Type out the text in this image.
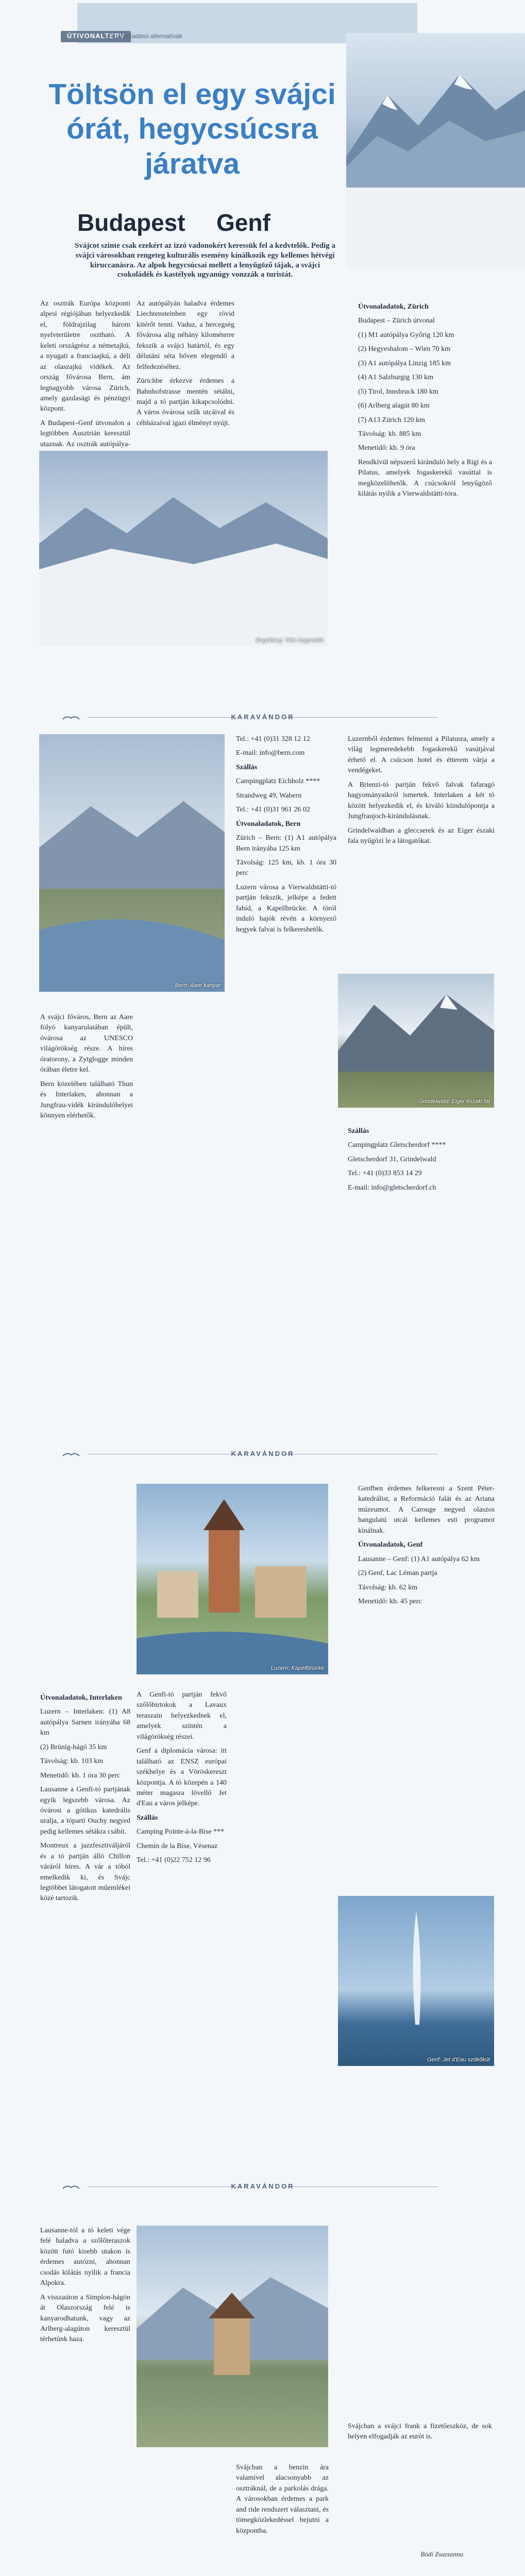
ÚTIVONALTERV
Fennakkadású alternatívák
Töltsön el egy svájci órát, hegycsúcsra járatva
Budapest Genf
Svájcot szinte csak ezekért az izzó vadonokért keressük fel a kedvtelők. Pedig a svájci városokban rengeteg kulturális esemény kínálkozik egy kellemes hétvégi kiruccanásra. Az alpok hegycsúcsai mellett a lenyűgöző tájak, a svájci csokoládék és kastélyok ugyanúgy vonzzák a turistát.

Az osztrák Európa központi alpesi régiójában helyezkedik el, földrajzilag három nyelvterületre osztható. A keleti országrész a németajkú, a nyugati a franciaajkú, a déli az olaszajkú vidékek. Az ország fővárosa Bern, ám legnagyobb városa Zürich, amely gazdasági és pénzügyi központ.

A Budapest–Genf útvonalon a legtöbben Ausztrián keresztül utaznak. Az osztrák autópálya-

Az autópályán haladva érdemes Liechtensteinben egy rövid kitérőt tenni. Vaduz, a hercegség fővárosa alig néhány kilométerre fekszik a svájci határtól, és egy délutáni séta bőven elegendő a felfedezéséhez.

Zürichbe érkezve érdemes a Bahnhofstrasse mentén sétálni, majd a tó partján kikapcsolódni. A város óvárosa szűk utcáival és céhházaival igazi élményt nyújt.

Útvonaladatok, Zürich

Budapest – Zürich útvonal

(1) M1 autópálya Győrig 120 km

(2) Hegyeshalom – Wien 70 km

(3) A1 autópálya Linzig 185 km

(4) A1 Salzburgig 130 km

(5) Tirol, Innsbruck 180 km

(6) Arlberg alagút 80 km

(7) A13 Zürich 120 km

Távolság: kb. 885 km

Menetidő: kb. 9 óra

Rendkívül népszerű kiránduló hely a Rigi és a Pilatus, amelyek fogaskerekű vasúttal is megközelíthetők. A csúcsokról lenyűgöző kilátás nyílik a Vierwaldstätti-tóra.

Engelberg: Titlis hegyvidék
KARAVÁNDOR
Bern: Aare kanyar

A svájci főváros, Bern az Aare folyó kanyarulatában épült, óvárosa az UNESCO világörökség része. A híres óratorony, a Zytglogge minden órában életre kel.

Bern közelében található Thun és Interlaken, ahonnan a Jungfrau-vidék kirándulóhelyei könnyen elérhetők.

Tel.: +41 (0)31 328 12 12

E-mail: info@bern.com

Szállás

Campingplatz Eichholz ****

Strandweg 49, Wabern

Tel.: +41 (0)31 961 26 02

Útvonaladatok, Bern

Zürich – Bern: (1) A1 autópálya Bern irányába 125 km

Távolság: 125 km, kb. 1 óra 30 perc

Luzern városa a Vierwaldstätti-tó partján fekszik, jelképe a fedett fahíd, a Kapellbrücke. A tóról induló hajók révén a környező hegyek falvai is felkereshetők.

Luzernből érdemes felmenni a Pilatusra, amely a világ legmeredekebb fogaskerekű vasútjával érhető el. A csúcson hotel és étterem várja a vendégeket.

A Brienzi-tó partján fekvő falvak fafaragó hagyományaikról ismertek. Interlaken a két tó között helyezkedik el, és kiváló kiindulópontja a Jungfraujoch-kirándulásnak.

Grindelwaldban a gleccserek és az Eiger északi fala nyűgözi le a látogatókat.

Grindelwald: Eiger északi fal

Szállás

Campingplatz Gletscherdorf ****

Gletscherdorf 31, Grindelwald

Tel.: +41 (0)33 853 14 29

E-mail: info@gletscherdorf.ch

KARAVÁNDOR
Luzern: Kapellbrücke

Útvonaladatok, Interlaken

Luzern – Interlaken: (1) A8 autópálya Sarnen irányába 68 km

(2) Brünig-hágó 35 km

Távolság: kb. 103 km

Menetidő: kb. 1 óra 30 perc

Lausanne a Genfi-tó partjának egyik legszebb városa. Az óvárost a gótikus katedrális uralja, a tóparti Ouchy negyed pedig kellemes sétákra csábít.

Montreux a jazzfesztiváljáról és a tó partján álló Chillon váráról híres. A vár a tóból emelkedik ki, és Svájc legtöbbet látogatott műemlékei közé tartozik.

A Genfi-tó partján fekvő szőlőbirtokok a Lavaux teraszain helyezkednek el, amelyek szintén a világörökség részei.

Genf a diplomácia városa: itt található az ENSZ európai székhelye és a Vöröskereszt központja. A tó közepén a 140 méter magasra lövellő Jet d'Eau a város jelképe.

Szállás

Camping Pointe-à-la-Bise ***

Chemin de la Bise, Vésenaz

Tel.: +41 (0)22 752 12 96

Genfben érdemes felkeresni a Szent Péter-katedrálist, a Reformáció falát és az Ariana múzeumot. A Carouge negyed olaszos hangulatú utcái kellemes esti programot kínálnak.

Útvonaladatok, Genf

Lausanne – Genf: (1) A1 autópálya 62 km

(2) Genf, Lac Léman partja

Távolság: kb. 62 km

Menetidő: kb. 45 perc

Genf: Jet d'Eau szökőkút
KARAVÁNDOR

Lausanne-tól a tó keleti vége felé haladva a szőlőteraszok között futó kisebb utakon is érdemes autózni, ahonnan csodás kilátás nyílik a francia Alpokra.

A visszaúton a Simplon-hágón át Olaszország felé is kanyarodhatunk, vagy az Arlberg-alagúton keresztül térhetünk haza.

Svájcban a benzin ára valamivel alacsonyabb az osztráknál, de a parkolás drága. A városokban érdemes a park and ride rendszert választani, és tömegközlekedéssel bejutni a központba.

Svájcban a svájci frank a fizetőeszköz, de sok helyen elfogadják az eurót is.

Bódi Zsuzsanna
